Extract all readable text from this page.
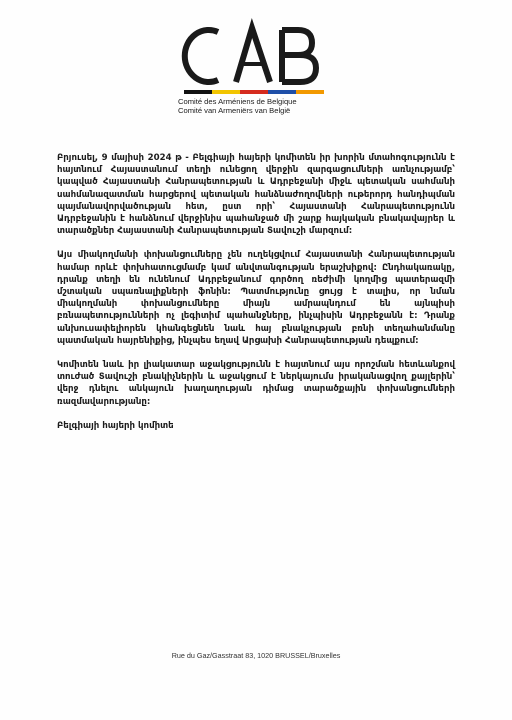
Comité des Arméniens de Belgique
Comité van Armeniërs van België

Բրյուսել, 9 մայիսի 2024 թ - Բելգիայի հայերի կոմիտեն իր խորին մտահոգությունն է հայտնում Հայաստանում տեղի ունեցող վերջին զարգացումների առնչությամբ՝ կապված Հայաստանի Հանրապետության և Ադրբեջանի միջև պետական սահմանի սահմանազատման հարցերով պետական հանձնաժողովների ութերորդ հանդիպման պայմանավորվածության հետ, ըստ որի՝ Հայաստանի Հանրապետությունն Ադրբեջանին է հանձնում վերջինիս պահանջած մի շարք հայկական բնակավայրեր և տարածքներ Հայաստանի Հանրապետության Տավուշի մարզում:

Այս միակողմանի փոխանցումները չեն ուղեկցվում Հայաստանի Հանրապետության համար որևէ փոխհատուցմամբ կամ անվտանգության երաշխիքով: Ընդհակառակը, դրանք տեղի են ունենում Ադրբեջանում գործող ռեժիմի կողմից պատերազմի մշտական սպառնալիքների ֆոնին: Պատմությունը ցույց է տալիս, որ նման միակողմանի փոխանցումները միայն ամրապնդում են այնպիսի բռնապետությունների ոչ լեգիտիմ պահանջները, ինչպիսին Ադրբեջանն է: Դրանք անխուսափելիորեն կհանգեցնեն նաև հայ բնակչության բռնի տեղահանմանը պատմական հայրենիքից, ինչպես եղավ Արցախի Հանրապետության դեպքում:

Կոմիտեն նաև իր լիակատար աջակցությունն է հայտնում այս որոշման հետևանքով տուժած Տավուշի բնակիչներին և աջակցում է ներկայումս իրականացվող քայլերին՝ վերջ դնելու անկայուն խաղաղության դիմաց տարածքային փոխանցումների ռազմավարությանը:

Բելգիայի հայերի կոմիտե

Rue du Gaz/Gasstraat 83, 1020 BRUSSEL/Bruxelles
